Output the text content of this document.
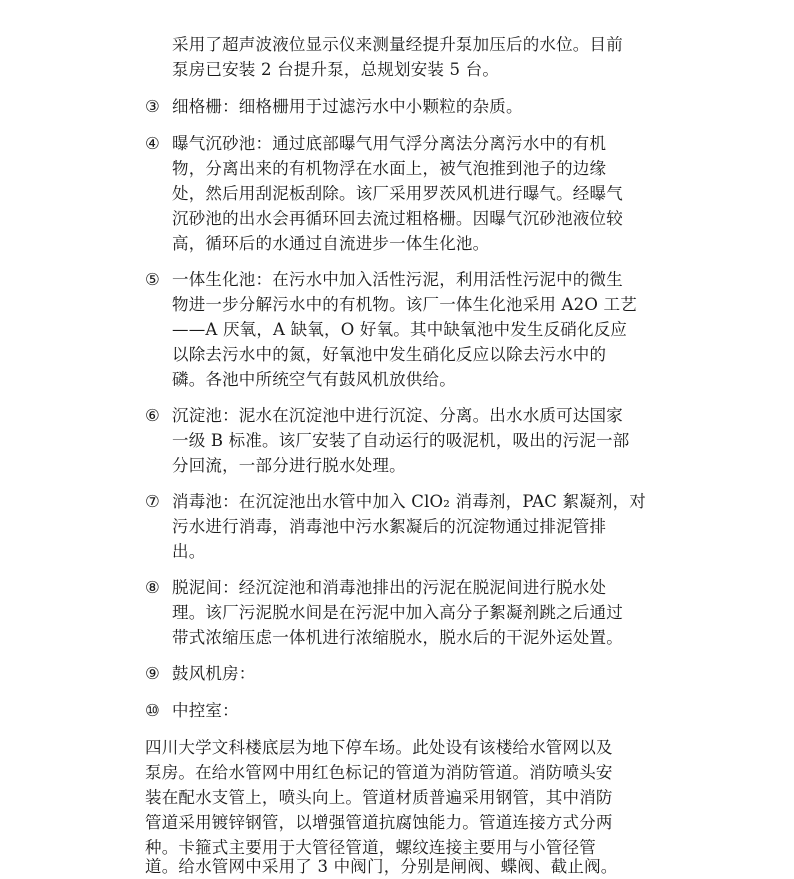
采用了超声波液位显示仪来测量经提升泵加压后的水位。目前
泵房已安装 2 台提升泵，总规划安装 5 台。
③ 细格栅：细格栅用于过滤污水中小颗粒的杂质。
④ 曝气沉砂池：通过底部曝气用气浮分离法分离污水中的有机
物，分离出来的有机物浮在水面上，被气泡推到池子的边缘
处，然后用刮泥板刮除。该厂采用罗茨风机进行曝气。经曝气
沉砂池的出水会再循环回去流过粗格栅。因曝气沉砂池液位较
高，循环后的水通过自流进步一体生化池。
⑤ 一体生化池：在污水中加入活性污泥，利用活性污泥中的微生
物进一步分解污水中的有机物。该厂一体生化池采用 A2O 工艺
——A 厌氧，A 缺氧，O 好氧。其中缺氧池中发生反硝化反应
以除去污水中的氮，好氧池中发生硝化反应以除去污水中的
磷。各池中所统空气有鼓风机放供给。
⑥ 沉淀池：泥水在沉淀池中进行沉淀、分离。出水水质可达国家
一级 B 标准。该厂安装了自动运行的吸泥机，吸出的污泥一部
分回流，一部分进行脱水处理。
⑦ 消毒池：在沉淀池出水管中加入 ClO₂ 消毒剂，PAC 絮凝剂，对
污水进行消毒，消毒池中污水絮凝后的沉淀物通过排泥管排
出。
⑧ 脱泥间：经沉淀池和消毒池排出的污泥在脱泥间进行脱水处
理。该厂污泥脱水间是在污泥中加入高分子絮凝剂跳之后通过
带式浓缩压虑一体机进行浓缩脱水，脱水后的干泥外运处置。
⑨ 鼓风机房：
⑩ 中控室：
四川大学文科楼底层为地下停车场。此处设有该楼给水管网以及
泵房。在给水管网中用红色标记的管道为消防管道。消防喷头安
装在配水支管上，喷头向上。管道材质普遍采用钢管，其中消防
管道采用镀锌钢管，以增强管道抗腐蚀能力。管道连接方式分两
种。卡箍式主要用于大管径管道，螺纹连接主要用与小管径管
道。给水管网中采用了 3 中阀门，分别是闸阀、蝶阀、截止阀。
